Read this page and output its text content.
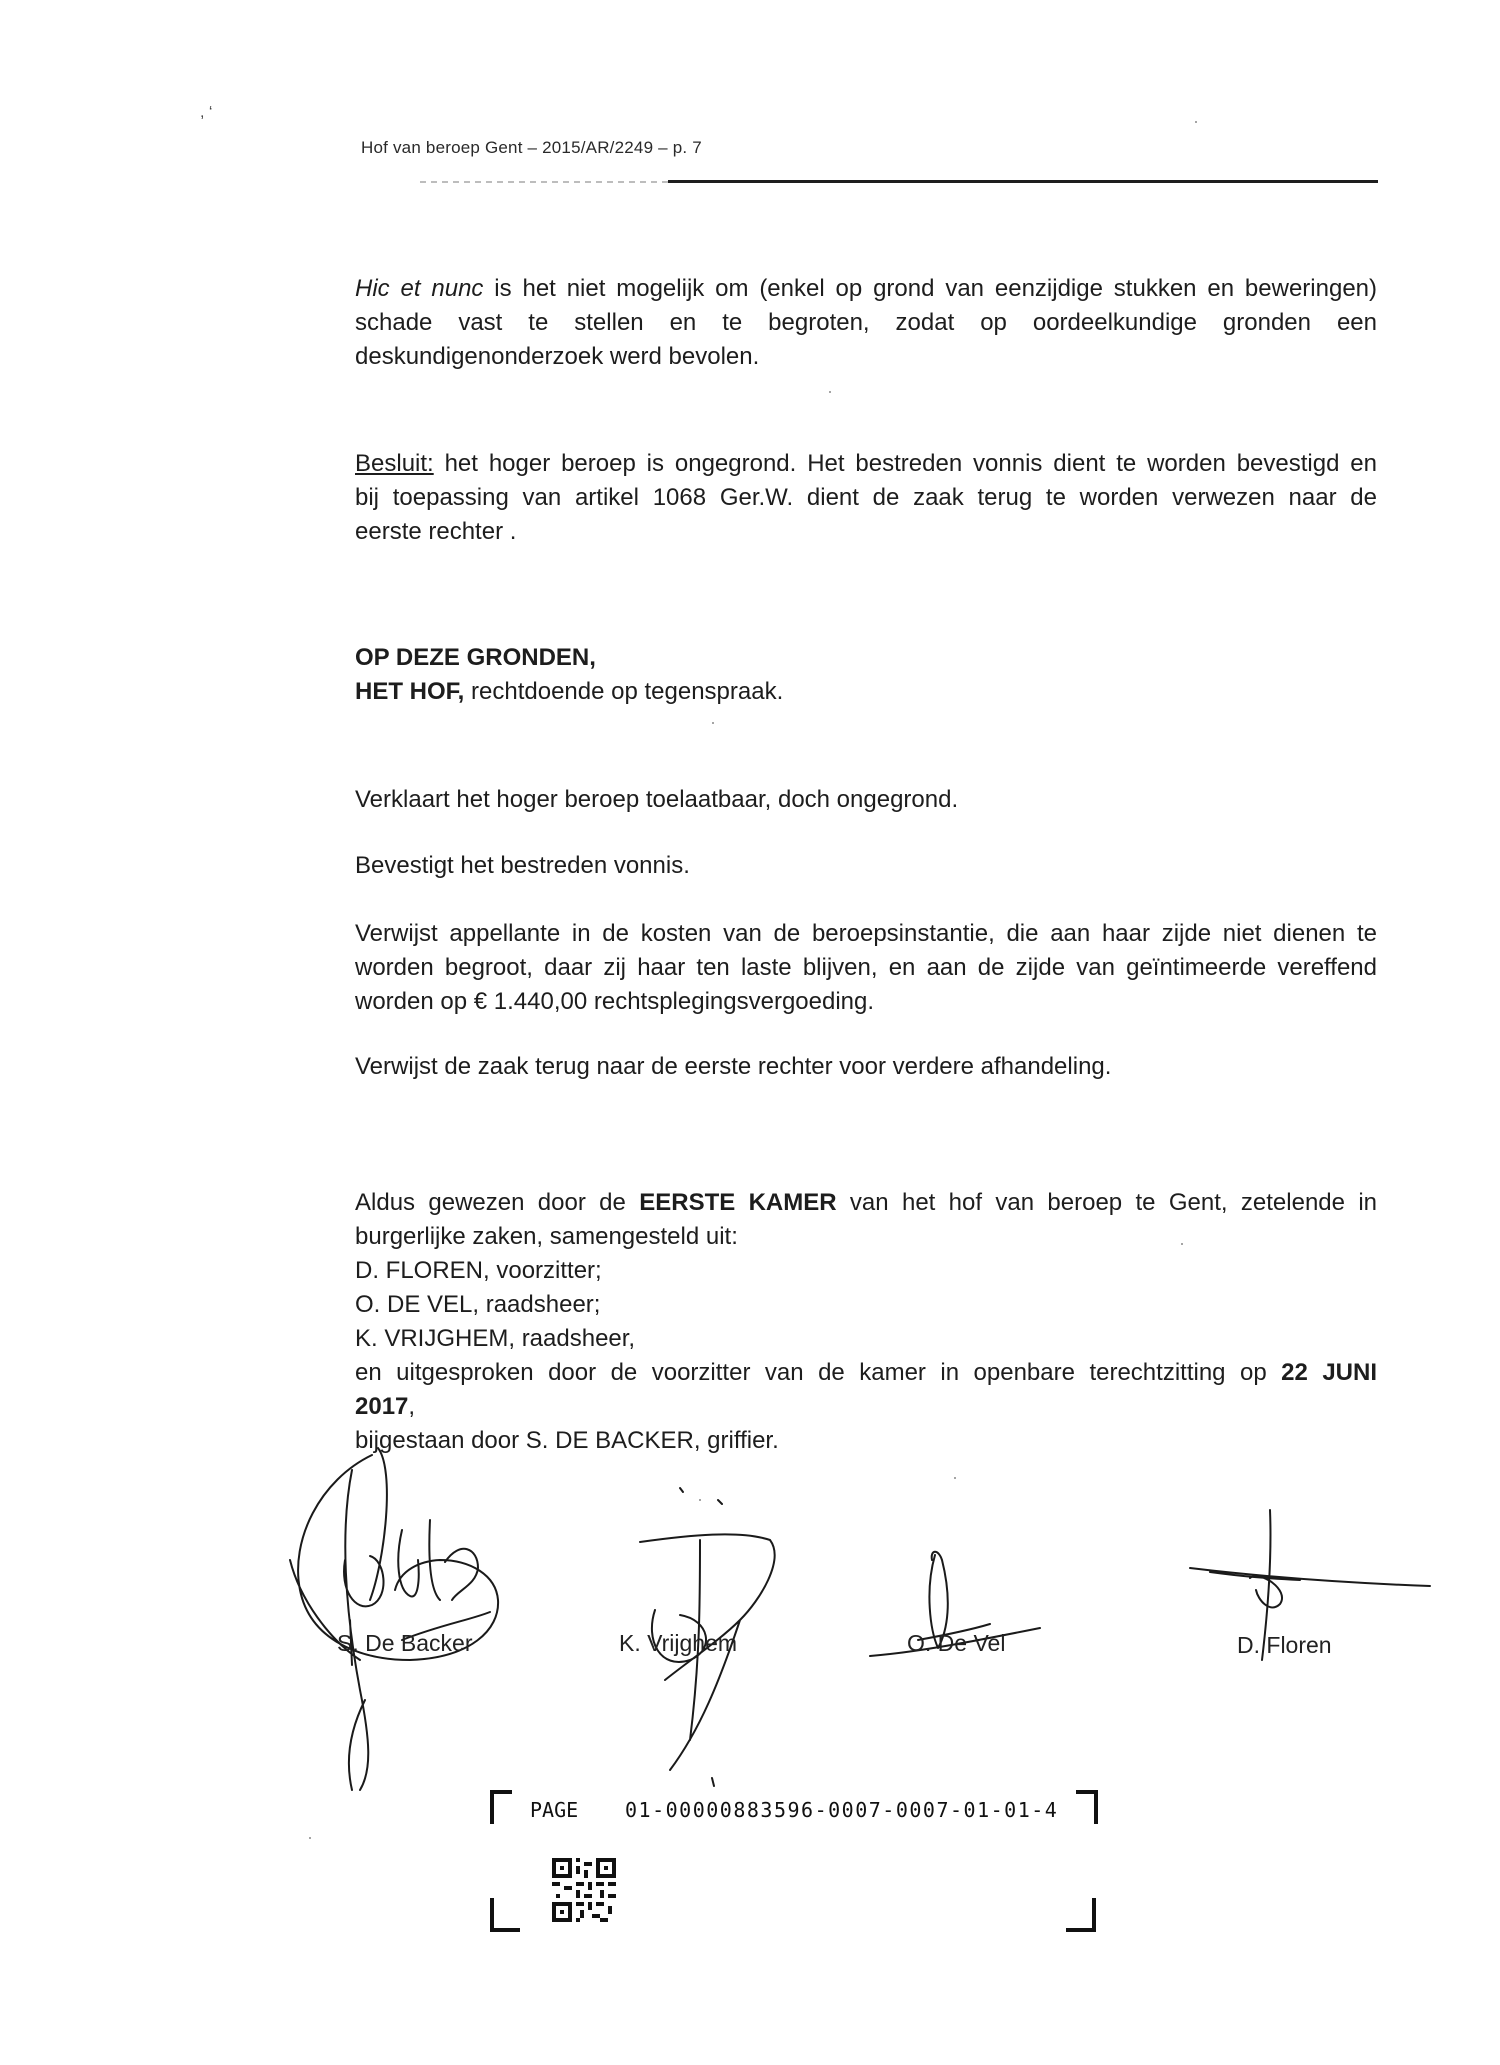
, ‘
Hof van beroep Gent – 2015/AR/2249 – p. 7
Hic et nunc is het niet mogelijk om (enkel op grond van eenzijdige stukken en beweringen)
schade vast te stellen en te begroten, zodat op oordeelkundige gronden een
deskundigenonderzoek werd bevolen.
Besluit: het hoger beroep is ongegrond. Het bestreden vonnis dient te worden bevestigd en
bij toepassing van artikel 1068 Ger.W. dient de zaak terug te worden verwezen naar de
eerste rechter .
OP DEZE GRONDEN,
HET HOF, rechtdoende op tegenspraak.
Verklaart het hoger beroep toelaatbaar, doch ongegrond.
Bevestigt het bestreden vonnis.
Verwijst appellante in de kosten van de beroepsinstantie, die aan haar zijde niet dienen te
worden begroot, daar zij haar ten laste blijven, en aan de zijde van geïntimeerde vereffend
worden op € 1.440,00 rechtsplegingsvergoeding.
Verwijst de zaak terug naar de eerste rechter voor verdere afhandeling.
Aldus gewezen door de EERSTE KAMER van het hof van beroep te Gent, zetelende in
burgerlijke zaken, samengesteld uit:
D. FLOREN, voorzitter;
O. DE VEL, raadsheer;
K. VRIJGHEM, raadsheer,
en uitgesproken door de voorzitter van de kamer in openbare terechtzitting op 22 JUNI
2017,
bijgestaan door S. DE BACKER, griffier.
S. De Backer	K. Vrijghem	O. De Vel	D. Floren
PAGE 01-00000883596-0007-0007-01-01-4
